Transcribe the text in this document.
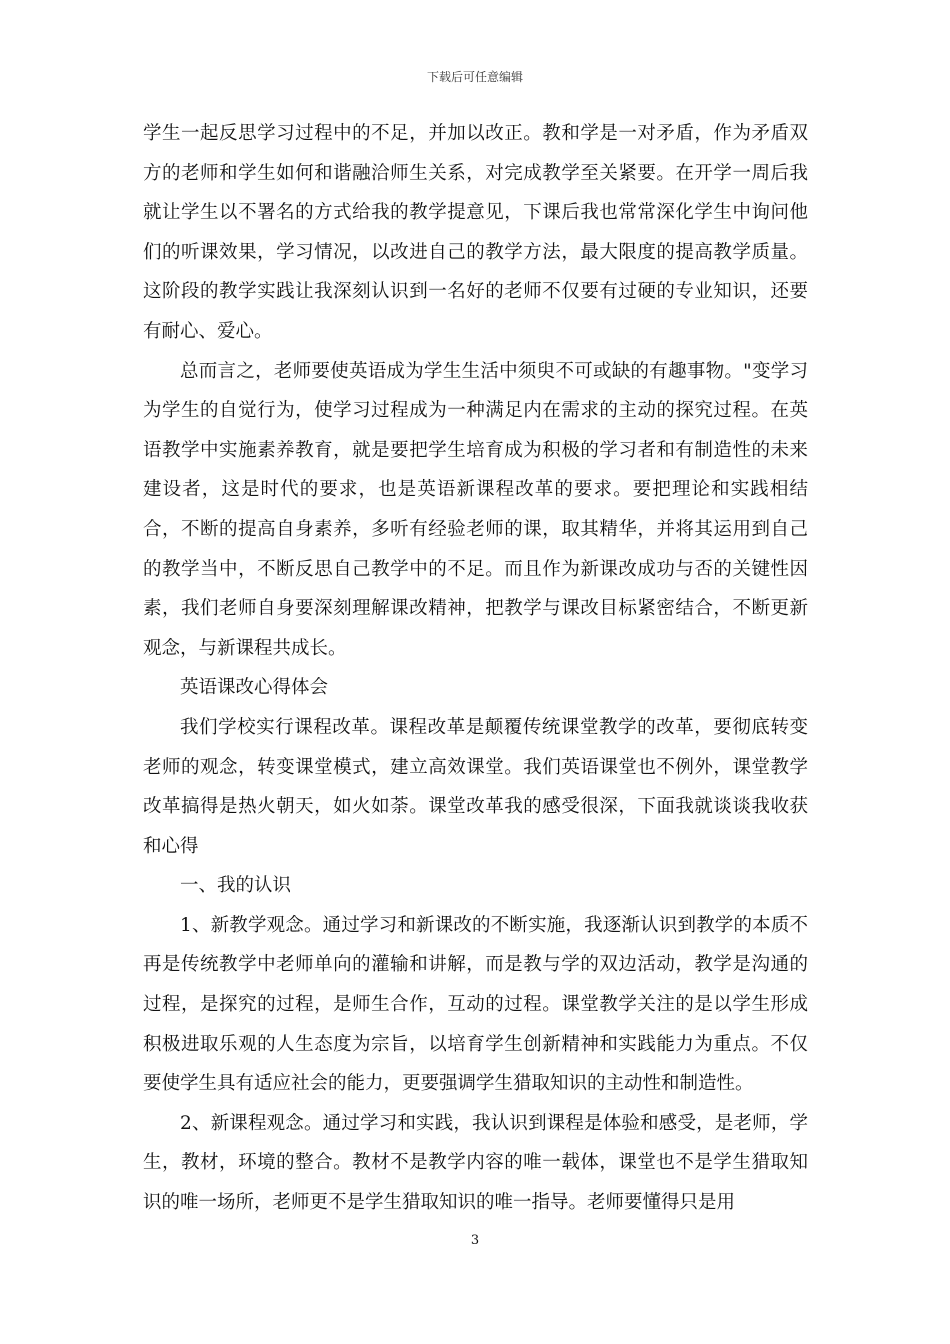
下载后可任意编辑

学生一起反思学习过程中的不足，并加以改正。教和学是一对矛盾，作为矛盾双方的老师和学生如何和谐融洽师生关系，对完成教学至关紧要。在开学一周后我就让学生以不署名的方式给我的教学提意见，下课后我也常常深化学生中询问他们的听课效果，学习情况，以改进自己的教学方法，最大限度的提高教学质量。这阶段的教学实践让我深刻认识到一名好的老师不仅要有过硬的专业知识，还要有耐心、爱心。

总而言之，老师要使英语成为学生生活中须臾不可或缺的有趣事物。"变学习为学生的自觉行为，使学习过程成为一种满足内在需求的主动的探究过程。在英语教学中实施素养教育，就是要把学生培育成为积极的学习者和有制造性的未来建设者，这是时代的要求，也是英语新课程改革的要求。要把理论和实践相结合，不断的提高自身素养，多听有经验老师的课，取其精华，并将其运用到自己的教学当中，不断反思自己教学中的不足。而且作为新课改成功与否的关键性因素，我们老师自身要深刻理解课改精神，把教学与课改目标紧密结合，不断更新观念，与新课程共成长。

英语课改心得体会

我们学校实行课程改革。课程改革是颠覆传统课堂教学的改革，要彻底转变老师的观念，转变课堂模式，建立高效课堂。我们英语课堂也不例外，课堂教学改革搞得是热火朝天，如火如荼。课堂改革我的感受很深，下面我就谈谈我收获和心得

一、我的认识

1、新教学观念。通过学习和新课改的不断实施，我逐渐认识到教学的本质不再是传统教学中老师单向的灌输和讲解，而是教与学的双边活动，教学是沟通的过程，是探究的过程，是师生合作，互动的过程。课堂教学关注的是以学生形成积极进取乐观的人生态度为宗旨，以培育学生创新精神和实践能力为重点。不仅要使学生具有适应社会的能力，更要强调学生猎取知识的主动性和制造性。

2、新课程观念。通过学习和实践，我认识到课程是体验和感受，是老师，学生，教材，环境的整合。教材不是教学内容的唯一载体，课堂也不是学生猎取知识的唯一场所，老师更不是学生猎取知识的唯一指导。老师要懂得只是用

3
